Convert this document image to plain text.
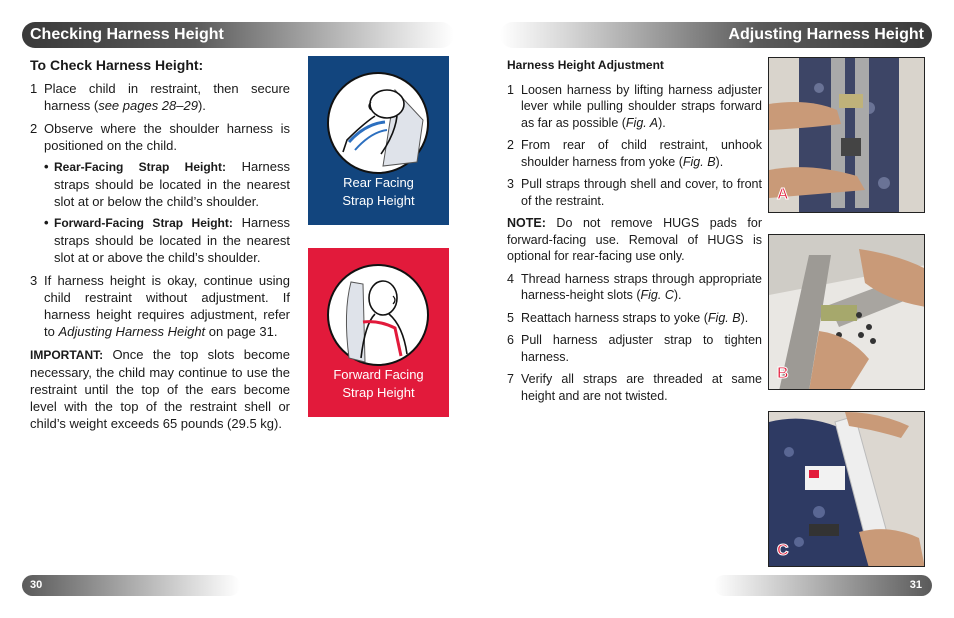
Checking Harness Height
To Check Harness Height:
1 Place child in restraint, then secure harness (see pages 28–29).
2 Observe where the shoulder harness is positioned on the child.
• Rear-Facing Strap Height: Harness straps should be located in the nearest slot at or below the child’s shoulder.
• Forward-Facing Strap Height: Harness straps should be located in the nearest slot at or above the child’s shoulder.
3 If harness height is okay, continue using child restraint without adjustment. If harness height requires adjustment, refer to Adjusting Harness Height on page 31.

IMPORTANT: Once the top slots become necessary, the child may continue to use the restraint until the top of the ears become level with the top of the restraint shell or child’s weight exceeds 65 pounds (29.5 kg).

Rear Facing
Strap Height
Forward Facing
Strap Height
Adjusting Harness Height
Harness Height Adjustment
1 Loosen harness by lifting harness adjuster lever while pulling shoulder straps forward as far as possible (Fig. A).
2 From rear of child restraint, unhook shoulder harness from yoke (Fig. B).
3 Pull straps through shell and cover, to front of the restraint.

NOTE: Do not remove HUGS pads for forward-facing use. Removal of HUGS is optional for rear-facing use only.

4 Thread harness straps through appropriate harness-height slots (Fig. C).
5 Reattach harness straps to yoke (Fig. B).
6 Pull harness adjuster strap to tighten harness.
7 Verify all straps are threaded at same height and are not twisted.
A
B
C
30	31
